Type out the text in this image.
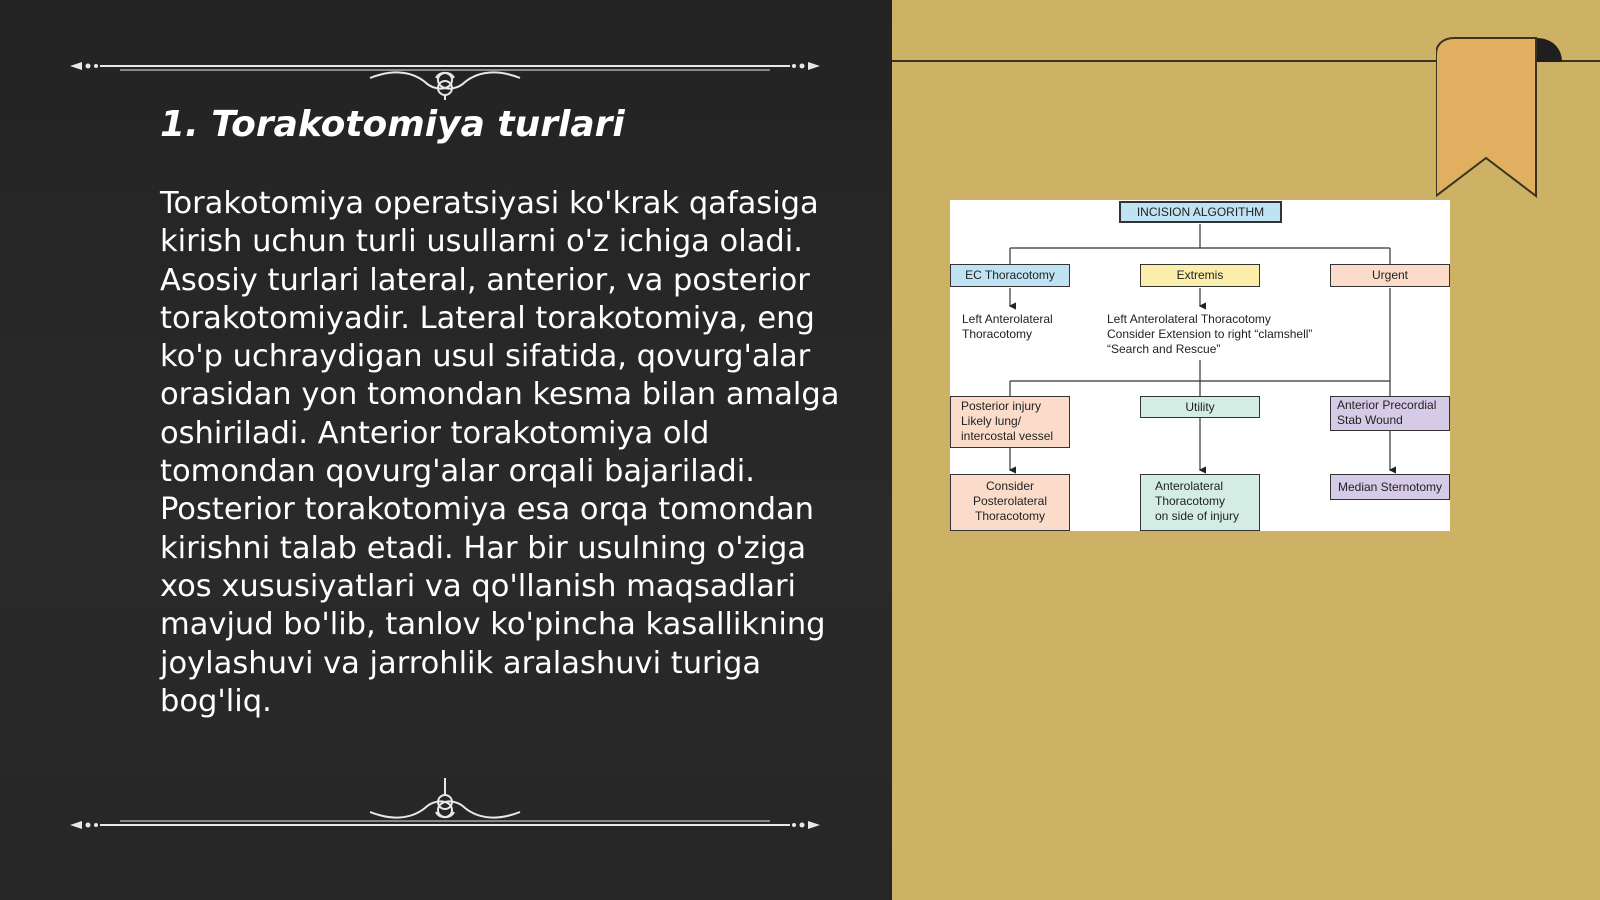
1. Torakotomiya turlari
Torakotomiya operatsiyasi ko'krak qafasiga kirish uchun turli usullarni o'z ichiga oladi. Asosiy turlari lateral, anterior, va posterior torakotomiyadir. Lateral torakotomiya, eng ko'p uchraydigan usul sifatida, qovurg'alar orasidan yon tomondan kesma bilan amalga oshiriladi. Anterior torakotomiya old tomondan qovurg'alar orqali bajariladi. Posterior torakotomiya esa orqa tomondan kirishni talab etadi. Har bir usulning o'ziga xos xususiyatlari va qo'llanish maqsadlari mavjud bo'lib, tanlov ko'pincha kasallikning joylashuvi va jarrohlik aralashuvi turiga bog'liq.
INCISION ALGORITHM
EC Thoracotomy	Extremis	Urgent
Left Anterolateral
Thoracotomy
Left Anterolateral Thoracotomy
Consider Extension to right “clamshell”
“Search and Rescue”
Posterior injury
Likely lung/
intercostal vessel
Utility	Anterior Precordial
Stab Wound
Consider
Posterolateral
Thoracotomy
Anterolateral
Thoracotomy
on side of injury
Median Sternotomy
